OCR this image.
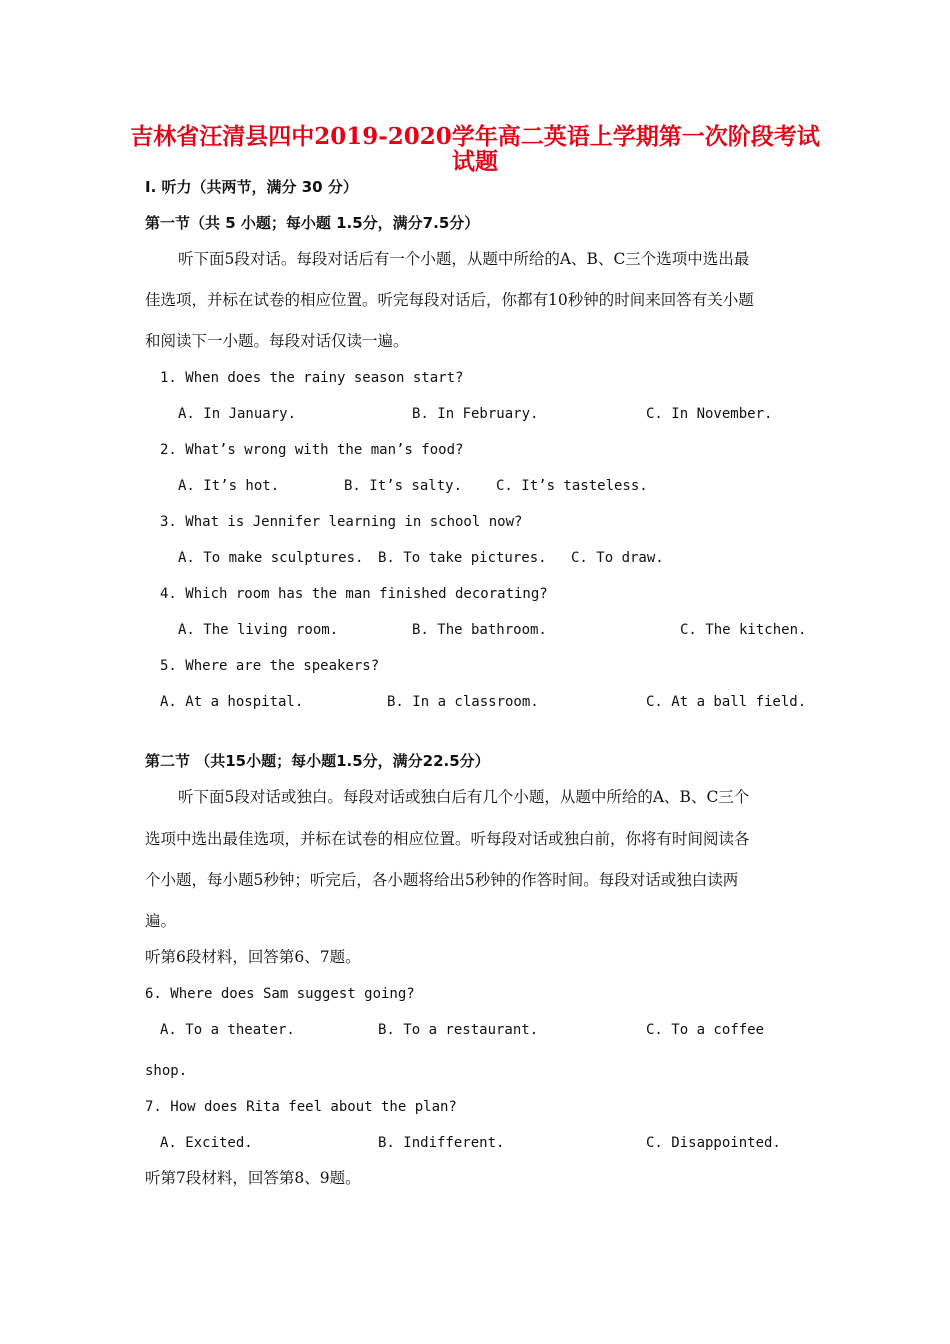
吉林省汪清县四中2019-2020学年高二英语上学期第一次阶段考试
试题
I. 听力（共两节，满分 30 分）
第一节（共 5 小题；每小题 1.5分，满分7.5分）
听下面5段对话。每段对话后有一个小题，从题中所给的A、B、C三个选项中选出最
佳选项，并标在试卷的相应位置。听完每段对话后，你都有10秒钟的时间来回答有关小题
和阅读下一小题。每段对话仅读一遍。
1. When does the rainy season start?
A. In January.	B. In February.	C. In November.
2. What’s wrong with the man’s food?
A. It’s hot.	B. It’s salty. C. It’s tasteless.
3. What is Jennifer learning in school now?
A. To make sculptures. B. To take pictures. C. To draw.
4. Which room has the man finished decorating?
A. The living room.	B. The bathroom.	C. The kitchen.
5. Where are the speakers?
A. At a hospital.	B. In a classroom.	C. At a ball field.
第二节 （共15小题；每小题1.5分，满分22.5分）
听下面5段对话或独白。每段对话或独白后有几个小题，从题中所给的A、B、C三个
选项中选出最佳选项，并标在试卷的相应位置。听每段对话或独白前，你将有时间阅读各
个小题，每小题5秒钟；听完后，各小题将给出5秒钟的作答时间。每段对话或独白读两
遍。
听第6段材料，回答第6、7题。
6. Where does Sam suggest going?
A. To a theater.	B. To a restaurant.	C. To a coffee
shop.
7. How does Rita feel about the plan?
A. Excited.	B. Indifferent.	C. Disappointed.
听第7段材料，回答第8、9题。
